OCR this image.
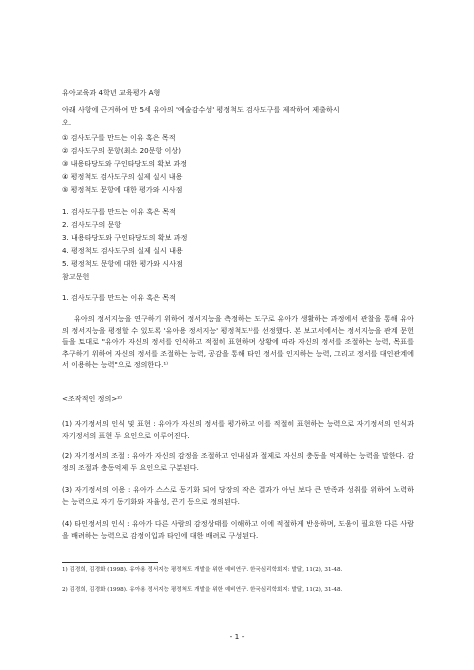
유아교육과 4학년 교육평가 A형
아래 사항에 근거하여 만 5세 유아의 '예술감수성' 평정척도 검사도구를 제작하여 제출하시
오.
① 검사도구를 만드는 이유 혹은 목적
② 검사도구의 문항(최소 20문항 이상)
③ 내용타당도와 구인타당도의 확보 과정
④ 평정척도 검사도구의 실제 실시 내용
⑤ 평정척도 문항에 대한 평가와 시사점
1. 검사도구를 만드는 이유 혹은 목적
2. 검사도구의 문항
3. 내용타당도와 구인타당도의 확보 과정
4. 평정척도 검사도구의 실제 실시 내용
5. 평정척도 문항에 대한 평가와 시사점
참고문헌
1. 검사도구를 만드는 이유 혹은 목적
유아의 정서지능을 연구하기 위하여 정서지능을 측정하는 도구로 유아가 생활하는 과정에서 관찰을 통해 유아의 정서지능을 평정할 수 있도록 '유아용 정서지능' 평정척도¹⁾를 선정했다. 본 보고서에서는 정서지능을 관계 문헌들을 토대로 "유아가 자신의 정서를 인식하고 적절히 표현하며 상황에 따라 자신의 정서를 조절하는 능력, 목표를 추구하기 위하여 자신의 정서를 조절하는 능력, 공감을 통해 타인 정서를 인지하는 능력, 그리고 정서를 대인관계에서 이용하는 능력"으로 정의한다.¹⁾
<조작적인 정의>²⁾
(1) 자기정서의 인식 및 표현 : 유아가 자신의 정서를 평가하고 이를 적절히 표현하는 능력으로 자기정서의 인식과 자기정서의 표현 두 요인으로 이루어진다.
(2) 자기정서의 조절 : 유아가 자신의 감정을 조절하고 인내심과 절제로 자신의 충동을 억제하는 능력을 말한다. 감정의 조절과 충동억제 두 요인으로 구분된다.
(3) 자기정서의 이용 : 유아가 스스로 동기화 되어 당장의 작은 결과가 아닌 보다 큰 만족과 성취를 위하여 노력하는 능력으로 자기 동기화와 자율성, 끈기 등으로 정의된다.
(4) 타인정서의 인식 : 유아가 다른 사람의 감정상태를 이해하고 이에 적절하게 반응하며, 도움이 필요한 다른 사람을 배려하는 능력으로 감정이입과 타인에 대한 배려로 구성된다.
1) 김경희, 김경화 (1998). 유아용 정서지능 평정척도 개발을 위한 예비연구. 한국심리학회지: 발달, 11(2), 31-48.
2) 김경희, 김경화 (1998). 유아용 정서지능 평정척도 개발을 위한 예비연구. 한국심리학회지: 발달, 11(2), 31-48.
- 1 -
